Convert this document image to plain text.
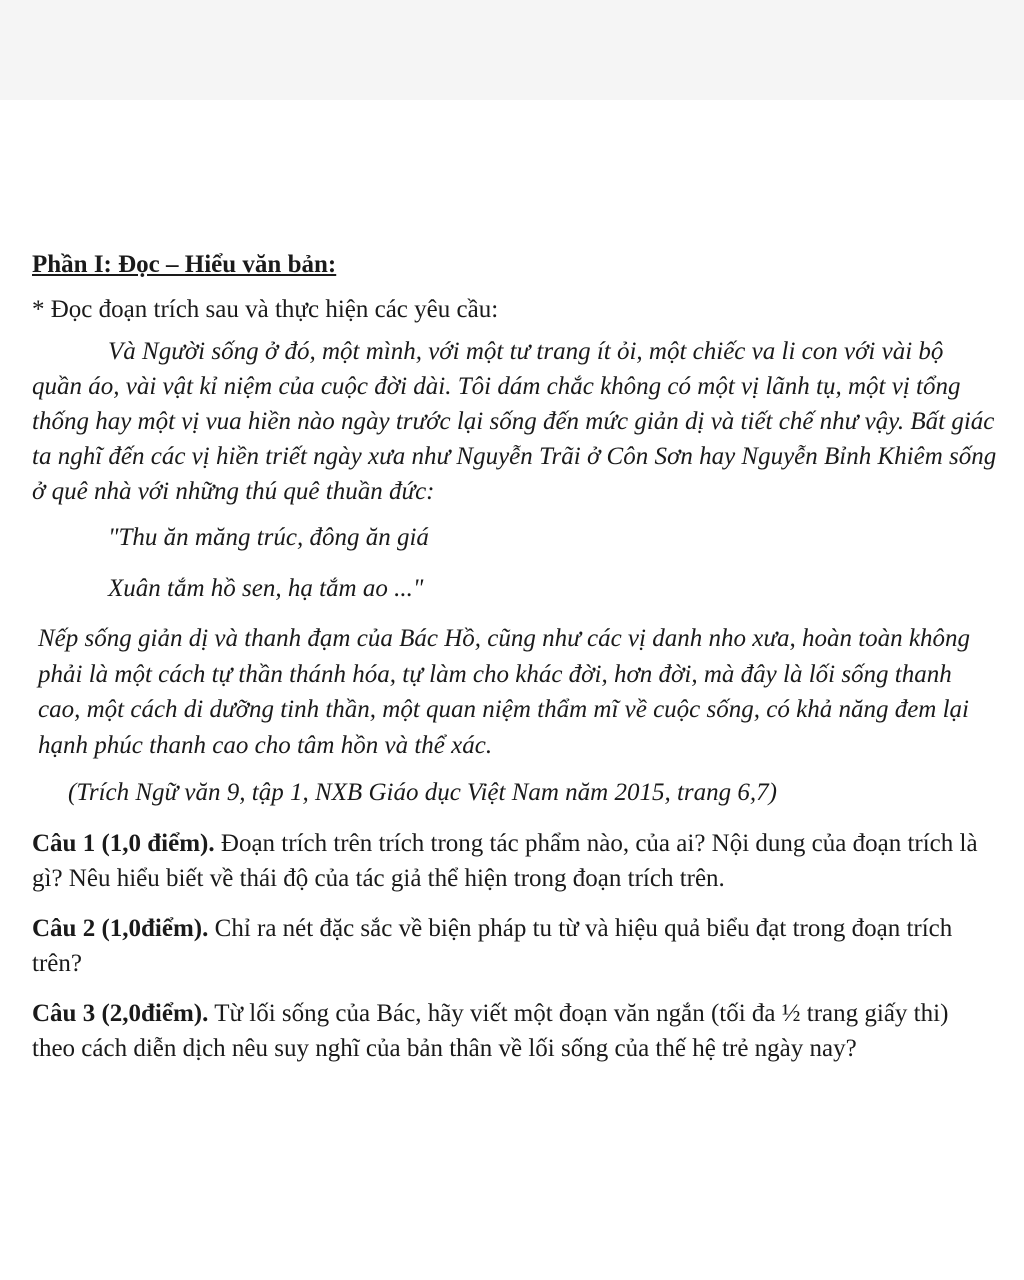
Phần I: Đọc – Hiểu văn bản:
* Đọc đoạn trích sau và thực hiện các yêu cầu:
Và Người sống ở đó, một mình, với một tư trang ít ỏi, một chiếc va li con với vài bộ quần áo, vài vật kỉ niệm của cuộc đời dài. Tôi dám chắc không có một vị lãnh tụ, một vị tổng thống hay một vị vua hiền nào ngày trước lại sống đến mức giản dị và tiết chế như vậy. Bất giác ta nghĩ đến các vị hiền triết ngày xưa như Nguyễn Trãi ở Côn Sơn hay Nguyễn Bỉnh Khiêm sống ở quê nhà với những thú quê thuần đức:
"Thu ăn măng trúc, đông ăn giá
Xuân tắm hồ sen, hạ tắm ao ..."
Nếp sống giản dị và thanh đạm của Bác Hồ, cũng như các vị danh nho xưa, hoàn toàn không phải là một cách tự thần thánh hóa, tự làm cho khác đời, hơn đời, mà đây là lối sống thanh cao, một cách di dưỡng tinh thần, một quan niệm thẩm mĩ về cuộc sống, có khả năng đem lại hạnh phúc thanh cao cho tâm hồn và thể xác.
(Trích Ngữ văn 9, tập 1, NXB Giáo dục Việt Nam năm 2015, trang 6,7)
Câu 1 (1,0 điểm). Đoạn trích trên trích trong tác phẩm nào, của ai? Nội dung của đoạn trích là gì? Nêu hiểu biết về thái độ của tác giả thể hiện trong đoạn trích trên.
Câu 2 (1,0điểm). Chỉ ra nét đặc sắc về biện pháp tu từ và hiệu quả biểu đạt trong đoạn trích trên?
Câu 3 (2,0điểm). Từ lối sống của Bác, hãy viết một đoạn văn ngắn (tối đa ½ trang giấy thi) theo cách diễn dịch nêu suy nghĩ của bản thân về lối sống của thế hệ trẻ ngày nay?
